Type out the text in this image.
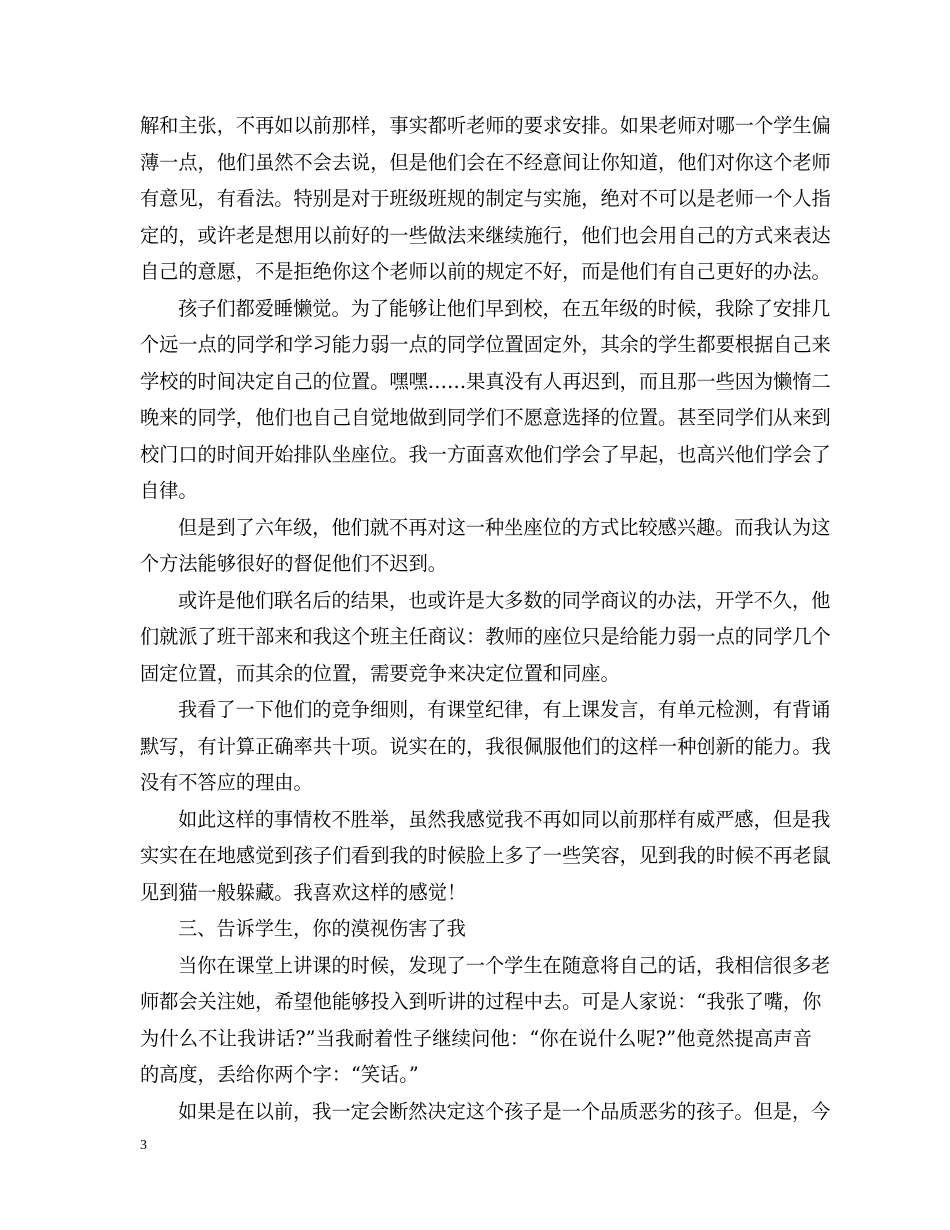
解和主张，不再如以前那样，事实都听老师的要求安排。如果老师对哪一个学生偏
薄一点，他们虽然不会去说，但是他们会在不经意间让你知道，他们对你这个老师
有意见，有看法。特别是对于班级班规的制定与实施，绝对不可以是老师一个人指
定的，或许老是想用以前好的一些做法来继续施行，他们也会用自己的方式来表达
自己的意愿，不是拒绝你这个老师以前的规定不好，而是他们有自己更好的办法。
孩子们都爱睡懒觉。为了能够让他们早到校，在五年级的时候，我除了安排几
个远一点的同学和学习能力弱一点的同学位置固定外，其余的学生都要根据自己来
学校的时间决定自己的位置。嘿嘿……果真没有人再迟到，而且那一些因为懒惰二
晚来的同学，他们也自己自觉地做到同学们不愿意选择的位置。甚至同学们从来到
校门口的时间开始排队坐座位。我一方面喜欢他们学会了早起，也高兴他们学会了
自律。
但是到了六年级，他们就不再对这一种坐座位的方式比较感兴趣。而我认为这
个方法能够很好的督促他们不迟到。
或许是他们联名后的结果，也或许是大多数的同学商议的办法，开学不久，他
们就派了班干部来和我这个班主任商议：教师的座位只是给能力弱一点的同学几个
固定位置，而其余的位置，需要竞争来决定位置和同座。
我看了一下他们的竞争细则，有课堂纪律，有上课发言，有单元检测，有背诵
默写，有计算正确率共十项。说实在的，我很佩服他们的这样一种创新的能力。我
没有不答应的理由。
如此这样的事情枚不胜举，虽然我感觉我不再如同以前那样有威严感，但是我
实实在在地感觉到孩子们看到我的时候脸上多了一些笑容，见到我的时候不再老鼠
见到猫一般躲藏。我喜欢这样的感觉！
三、告诉学生，你的漠视伤害了我
当你在课堂上讲课的时候，发现了一个学生在随意将自己的话，我相信很多老
师都会关注她，希望他能够投入到听讲的过程中去。可是人家说：“我张了嘴，你
为什么不让我讲话?”当我耐着性子继续问他：“你在说什么呢?”他竟然提高声音
的高度，丢给你两个字：“笑话。”
如果是在以前，我一定会断然决定这个孩子是一个品质恶劣的孩子。但是，今
3
